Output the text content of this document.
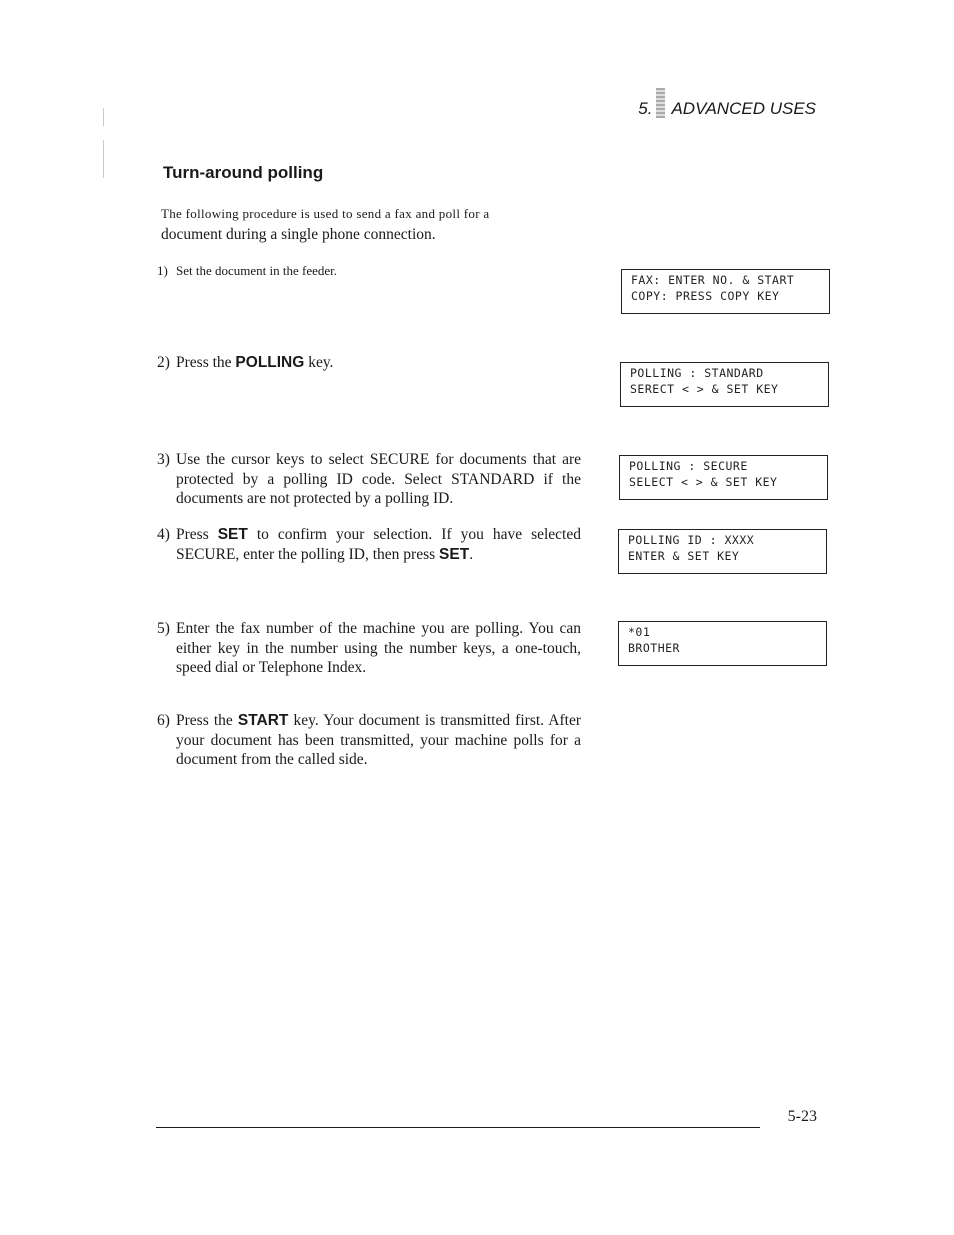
5. ADVANCED USES
Turn-around polling
The following procedure is used to send a fax and poll for a
document during a single phone connection.
1) Set the document in the feeder.
2) Press the POLLING key.
3) Use the cursor keys to select SECURE for documents that are protected by a polling ID code. Select STANDARD if the documents are not protected by a polling ID.
4) Press SET to confirm your selection. If you have selected SECURE, enter the polling ID, then press SET.
5) Enter the fax number of the machine you are polling. You can either key in the number using the number keys, a one-touch, speed dial or Telephone Index.
6) Press the START key. Your document is transmitted first. After your document has been transmitted, your machine polls for a document from the called side.
FAX: ENTER NO. & START
COPY: PRESS COPY KEY
POLLING : STANDARD
SERECT < > & SET KEY
POLLING : SECURE
SELECT < > & SET KEY
POLLING ID : XXXX
ENTER & SET KEY
*01
BROTHER
5-23
